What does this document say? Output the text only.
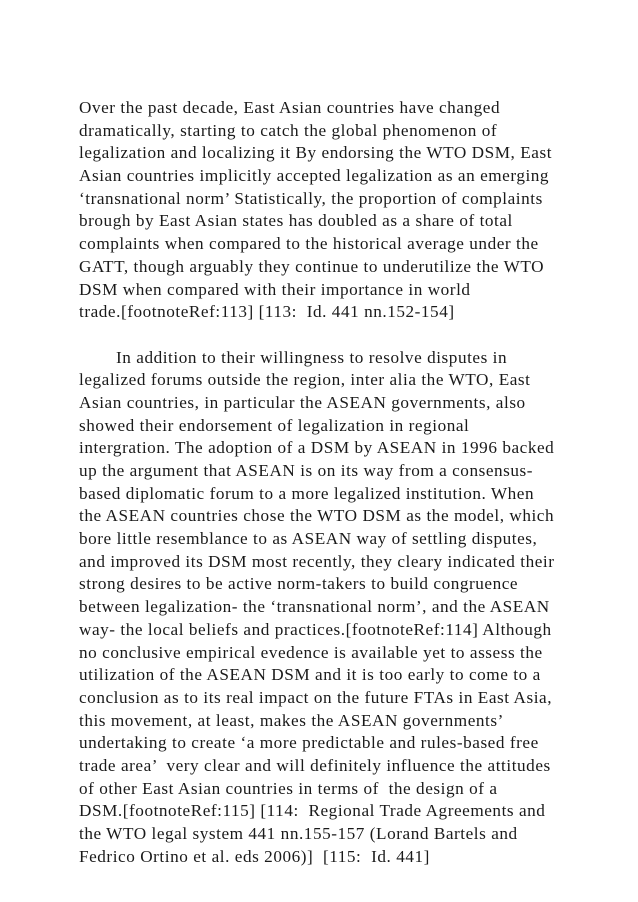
Over the past decade, East Asian countries have changed
dramatically, starting to catch the global phenomenon of
legalization and localizing it By endorsing the WTO DSM, East
Asian countries implicitly accepted legalization as an emerging
‘transnational norm’ Statistically, the proportion of complaints
brough by East Asian states has doubled as a share of total
complaints when compared to the historical average under the
GATT, though arguably they continue to underutilize the WTO
DSM when compared with their importance in world
trade.[footnoteRef:113] [113:  Id. 441 nn.152-154]
In addition to their willingness to resolve disputes in
legalized forums outside the region, inter alia the WTO, East
Asian countries, in particular the ASEAN governments, also
showed their endorsement of legalization in regional
intergration. The adoption of a DSM by ASEAN in 1996 backed
up the argument that ASEAN is on its way from a consensus-
based diplomatic forum to a more legalized institution. When
the ASEAN countries chose the WTO DSM as the model, which
bore little resemblance to as ASEAN way of settling disputes,
and improved its DSM most recently, they cleary indicated their
strong desires to be active norm-takers to build congruence
between legalization- the ‘transnational norm’, and the ASEAN
way- the local beliefs and practices.[footnoteRef:114] Although
no conclusive empirical evedence is available yet to assess the
utilization of the ASEAN DSM and it is too early to come to a
conclusion as to its real impact on the future FTAs in East Asia,
this movement, at least, makes the ASEAN governments’
undertaking to create ‘a more predictable and rules-based free
trade area’  very clear and will definitely influence the attitudes
of other East Asian countries in terms of  the design of a
DSM.[footnoteRef:115] [114:  Regional Trade Agreements and
the WTO legal system 441 nn.155-157 (Lorand Bartels and
Fedrico Ortino et al. eds 2006)]  [115:  Id. 441]
